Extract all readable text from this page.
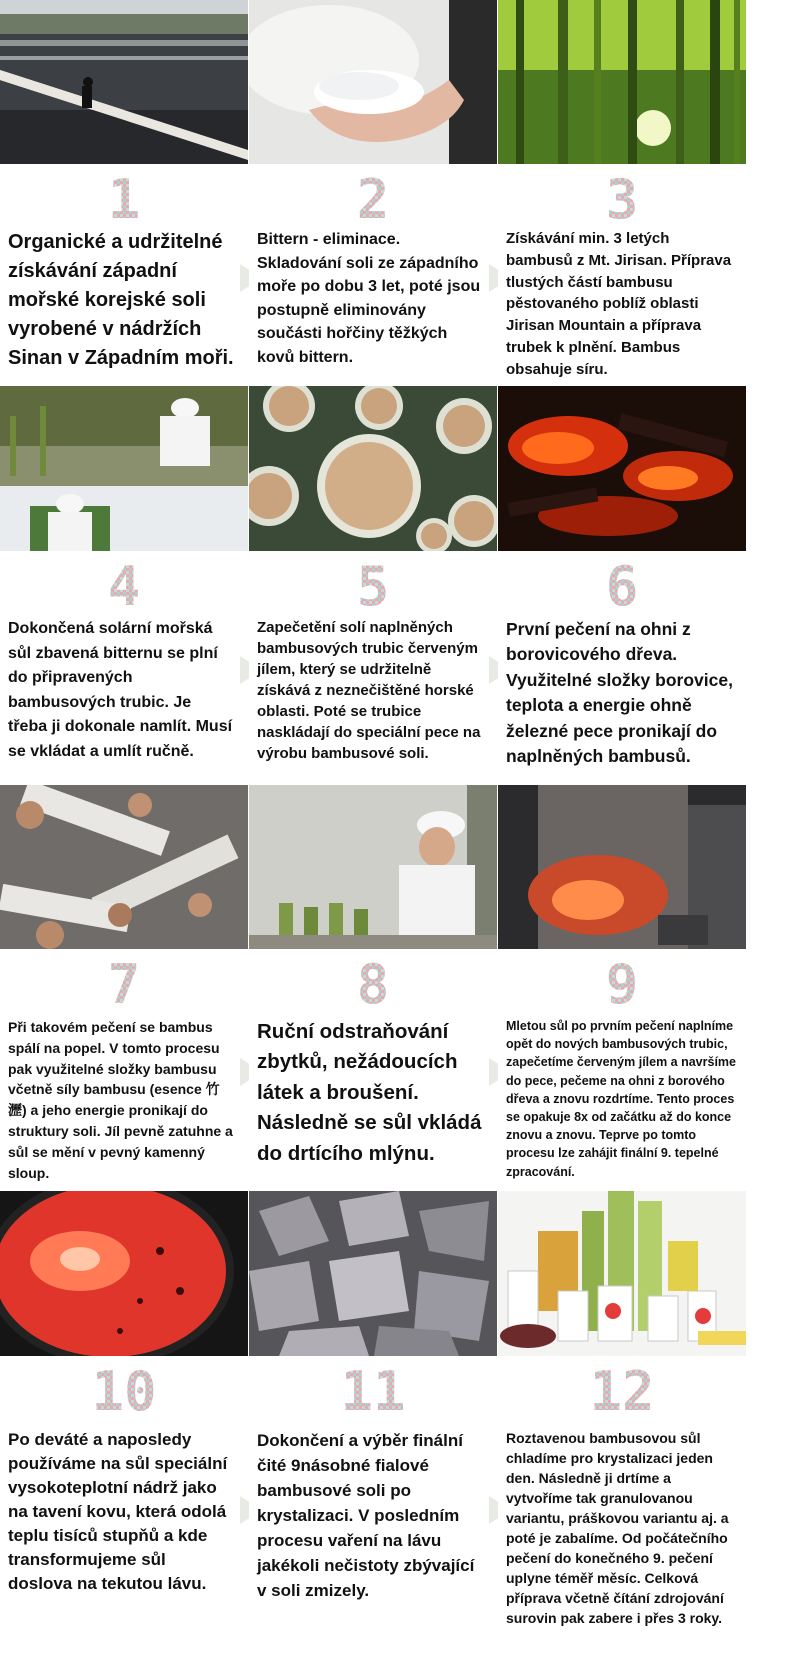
1
Organické a udržitelné získávání západní mořské korejské soli vyrobené v nádržích Sinan v Západním moři.
2
Bittern - eliminace. Skladování soli ze západního moře po dobu 3 let, poté jsou postupně eliminovány součásti hořčiny těžkých kovů bittern.
3
Získávání min. 3 letých bambusů z Mt. Jirisan. Příprava tlustých částí bambusu pěstovaného poblíž oblasti Jirisan Mountain a příprava trubek k plnění. Bambus obsahuje síru.
4
Dokončená solární mořská sůl zbavená bitternu se plní do připravených bambusových trubic. Je třeba ji dokonale namlít. Musí se vkládat a umlít ručně.
5
Zapečetění solí naplněných bambusových trubic červeným jílem, který se udržitelně získává z neznečištěné horské oblasti. Poté se trubice naskládají do speciální pece na výrobu bambusové soli.
6
První pečení na ohni z borovicového dřeva. Využitelné složky borovice, teplota a energie ohně železné pece pronikají do naplněných bambusů.
7
Při takovém pečení se bambus spálí na popel. V tomto procesu pak využitelné složky bambusu včetně síly bambusu (esence 竹瀝) a jeho energie pronikají do struktury soli. Jíl pevně zatuhne a sůl se mění v pevný kamenný sloup.
8
Ruční odstraňování zbytků, nežádoucích látek a broušení. Následně se sůl vkládá do drtícího mlýnu.
9
Mletou sůl po prvním pečení naplníme opět do nových bambusových trubic, zapečetíme červeným jílem a navršíme do pece, pečeme na ohni z borového dřeva a znovu rozdrtíme. Tento proces se opakuje 8x od začátku až do konce znovu a znovu. Teprve po tomto procesu lze zahájit finální 9. tepelné zpracování.
10
Po deváté a naposledy používáme na sůl speciální vysokoteplotní nádrž jako na tavení kovu, která odolá teplu tisíců stupňů a kde transformujeme sůl doslova na tekutou lávu.
11
Dokončení a výběr finální čité 9násobné fialové bambusové soli po krystalizaci. V posledním procesu vaření na lávu jakékoli nečistoty zbývající v soli zmizely.
12
Roztavenou bambusovou sůl chladíme pro krystalizaci jeden den. Následně ji drtíme a vytvoříme tak granulovanou variantu, práškovou variantu aj. a poté je zabalíme. Od počátečního pečení do konečného 9. pečení uplyne téměř měsíc. Celková příprava včetně čítání zdrojování surovin pak zabere i přes 3 roky.
